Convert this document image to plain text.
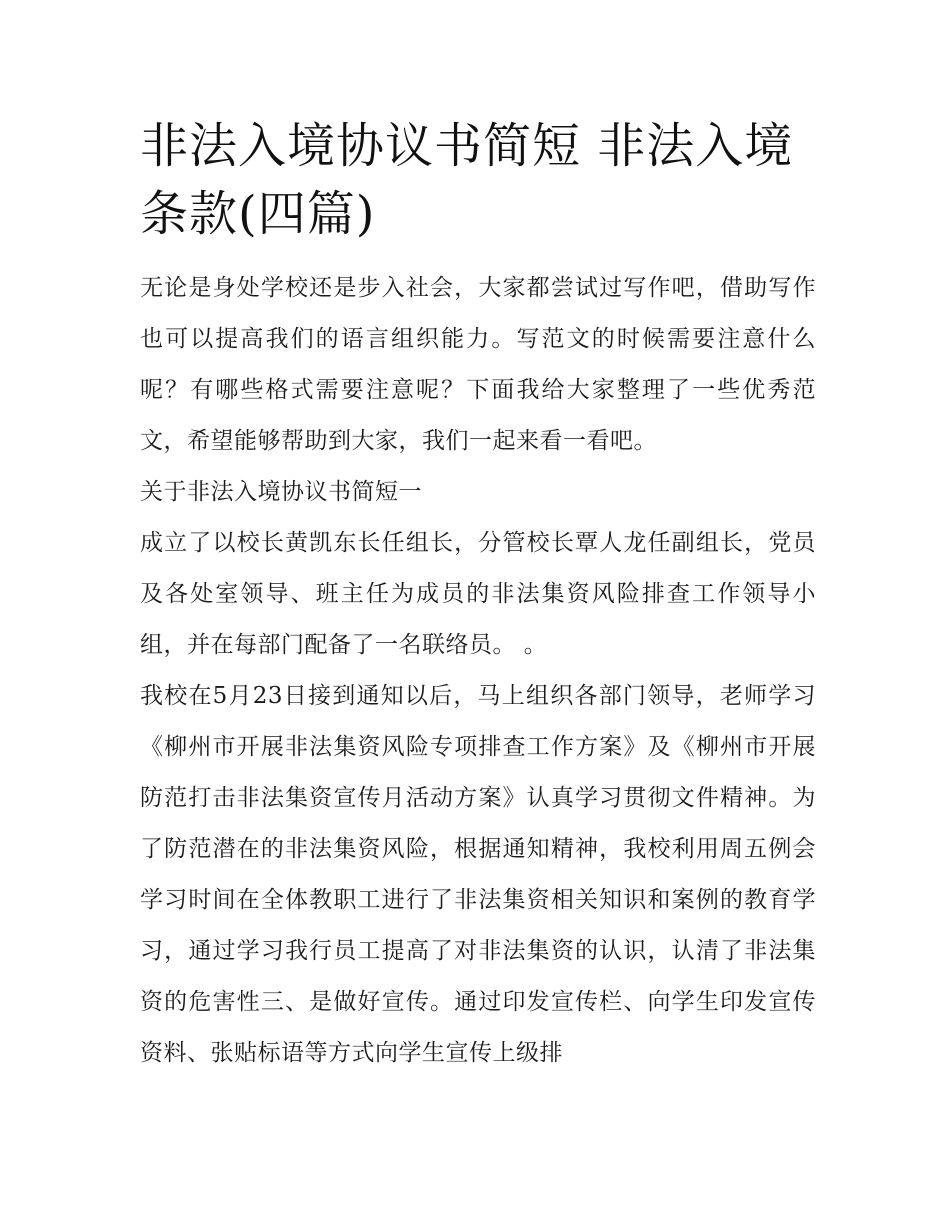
非法入境协议书简短 非法入境条款(四篇)

无论是身处学校还是步入社会，大家都尝试过写作吧，借助写作也可以提高我们的语言组织能力。写范文的时候需要注意什么呢？有哪些格式需要注意呢？下面我给大家整理了一些优秀范文，希望能够帮助到大家，我们一起来看一看吧。

关于非法入境协议书简短一

成立了以校长黄凯东长任组长，分管校长覃人龙任副组长，党员及各处室领导、班主任为成员的非法集资风险排查工作领导小组，并在每部门配备了一名联络员。 。

我校在5月23日接到通知以后，马上组织各部门领导，老师学习《柳州市开展非法集资风险专项排查工作方案》及《柳州市开展防范打击非法集资宣传月活动方案》认真学习贯彻文件精神。为了防范潜在的非法集资风险，根据通知精神，我校利用周五例会学习时间在全体教职工进行了非法集资相关知识和案例的教育学习，通过学习我行员工提高了对非法集资的认识，认清了非法集资的危害性三、是做好宣传。通过印发宣传栏、向学生印发宣传资料、张贴标语等方式向学生宣传上级排
